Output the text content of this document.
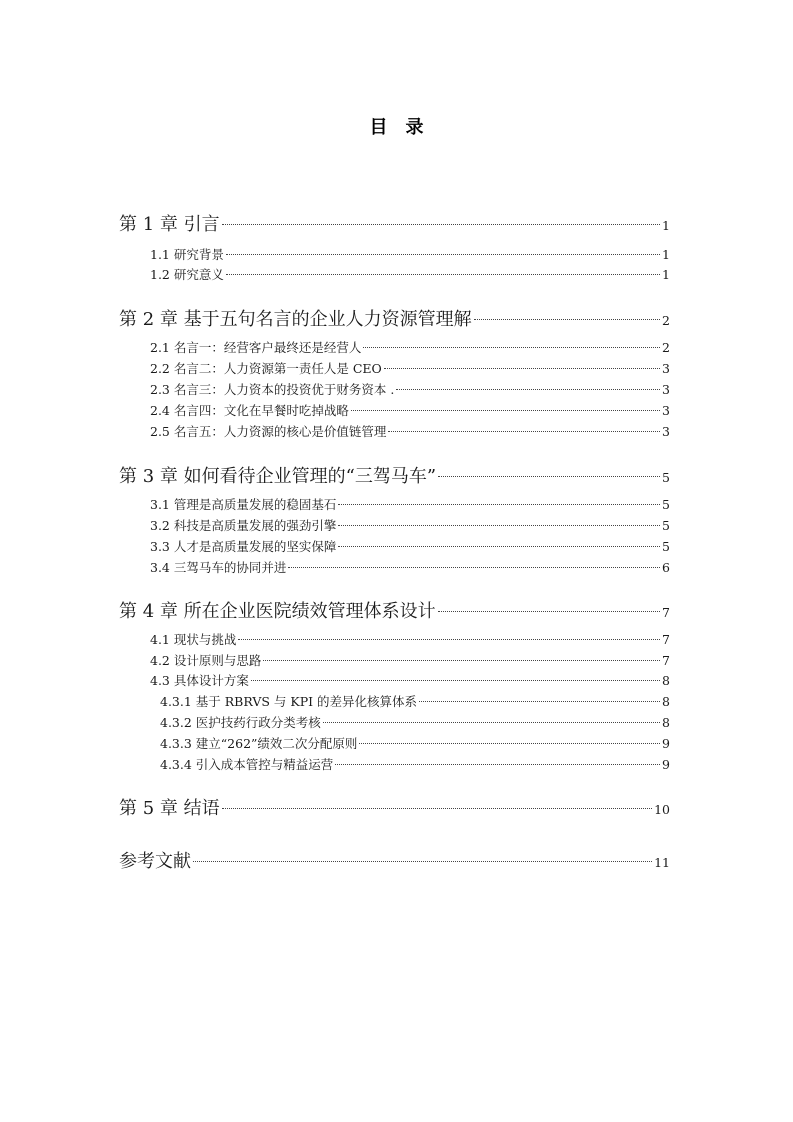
目录
第 1 章 引言	1
1.1 研究背景	1
1.2 研究意义	1
第 2 章 基于五句名言的企业人力资源管理解	2
2.1 名言一：经营客户最终还是经营人	2
2.2 名言二：人力资源第一责任人是 CEO	3
2.3 名言三：人力资本的投资优于财务资本 .	3
2.4 名言四：文化在早餐时吃掉战略	3
2.5 名言五：人力资源的核心是价值链管理	3
第 3 章 如何看待企业管理的“三驾马车”	5
3.1 管理是高质量发展的稳固基石	5
3.2 科技是高质量发展的强劲引擎	5
3.3 人才是高质量发展的坚实保障	5
3.4 三驾马车的协同并进	6
第 4 章 所在企业医院绩效管理体系设计	7
4.1 现状与挑战	7
4.2 设计原则与思路	7
4.3 具体设计方案	8
4.3.1 基于 RBRVS 与 KPI 的差异化核算体系	8
4.3.2 医护技药行政分类考核	8
4.3.3 建立“262”绩效二次分配原则	9
4.3.4 引入成本管控与精益运营	9
第 5 章 结语	10
参考文献	11
